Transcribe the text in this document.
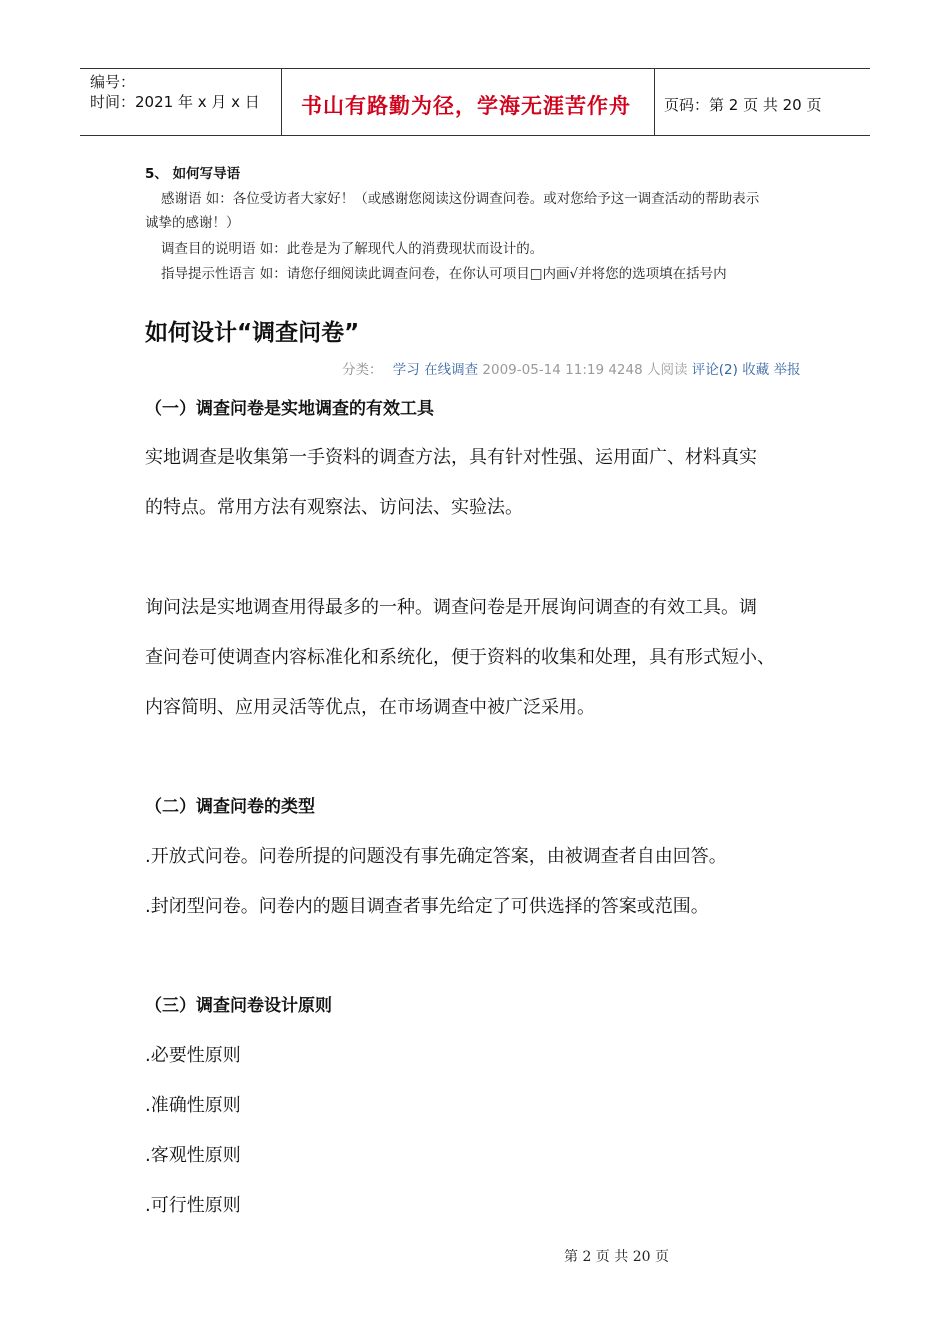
编号：
时间：2021 年 x 月 x 日 书山有路勤为径，学海无涯苦作舟 页码：第 2 页 共 20 页
5、 如何写导语
感谢语 如：各位受访者大家好！（或感谢您阅读这份调查问卷。或对您给予这一调查活动的帮助表示
诚挚的感谢！）
调查目的说明语 如：此卷是为了解现代人的消费现状而设计的。
指导提示性语言 如：请您仔细阅读此调查问卷，在你认可项目□内画√并将您的选项填在括号内
如何设计“调查问卷”
分类： 学习 在线调查 2009-05-14 11:19 4248 人阅读 评论(2) 收藏 举报
（一）调查问卷是实地调查的有效工具
实地调查是收集第一手资料的调查方法，具有针对性强、运用面广、材料真实
的特点。常用方法有观察法、访问法、实验法。
询问法是实地调查用得最多的一种。调查问卷是开展询问调查的有效工具。调
查问卷可使调查内容标准化和系统化，便于资料的收集和处理，具有形式短小、
内容简明、应用灵活等优点，在市场调查中被广泛采用。
（二）调查问卷的类型
.开放式问卷。问卷所提的问题没有事先确定答案，由被调查者自由回答。
.封闭型问卷。问卷内的题目调查者事先给定了可供选择的答案或范围。
（三）调查问卷设计原则
.必要性原则
.准确性原则
.客观性原则
.可行性原则
第 2 页 共 20 页
